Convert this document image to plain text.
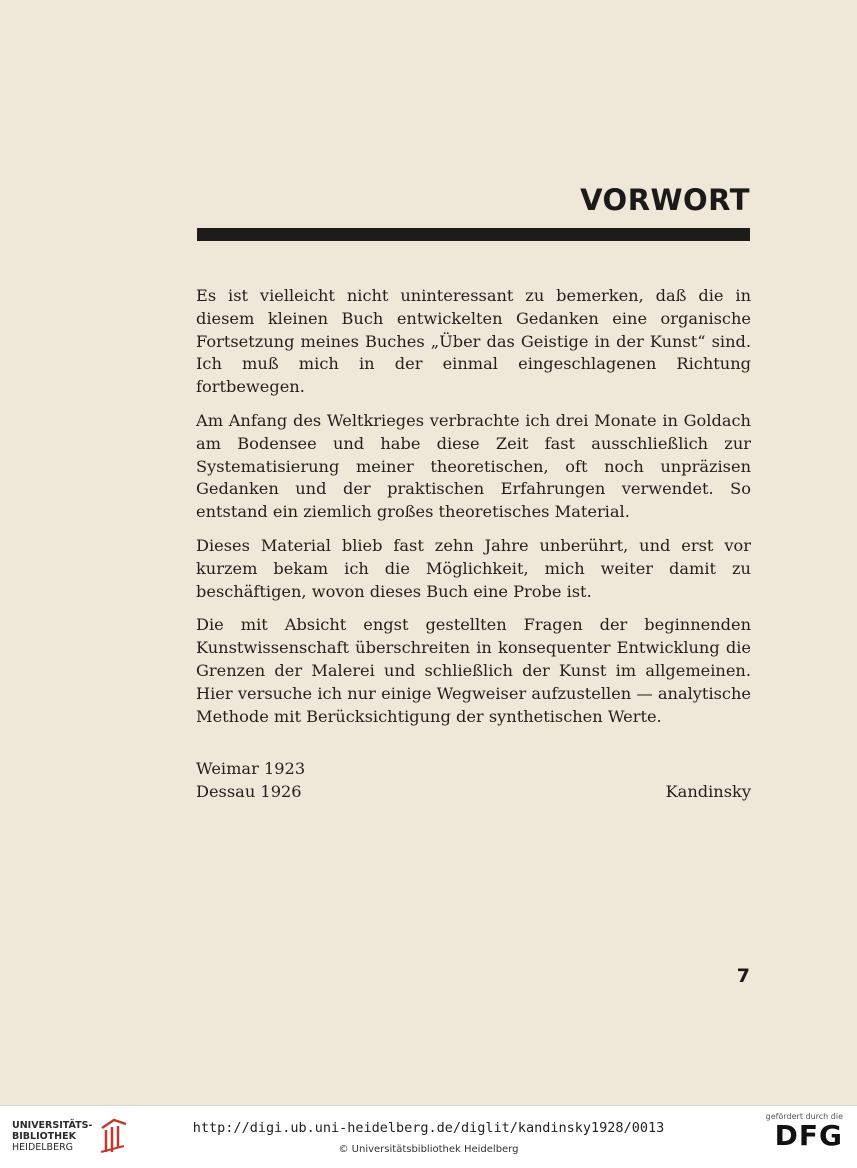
VORWORT

Es ist vielleicht nicht uninteressant zu bemerken, daß die in diesem kleinen Buch entwickelten Gedanken eine organische Fortsetzung meines Buches „Über das Geistige in der Kunst“ sind. Ich muß mich in der einmal eingeschlagenen Richtung fortbewegen.

Am Anfang des Weltkrieges verbrachte ich drei Monate in Goldach am Bodensee und habe diese Zeit fast ausschließlich zur Systematisierung meiner theoretischen, oft noch unpräzisen Gedanken und der praktischen Erfahrungen verwendet. So entstand ein ziemlich großes theoretisches Material.

Dieses Material blieb fast zehn Jahre unberührt, und erst vor kurzem bekam ich die Möglichkeit, mich weiter damit zu beschäftigen, wovon dieses Buch eine Probe ist.

Die mit Absicht engst gestellten Fragen der beginnenden Kunstwissenschaft überschreiten in konsequenter Entwicklung die Grenzen der Malerei und schließlich der Kunst im allgemeinen. Hier versuche ich nur einige Wegweiser aufzustellen — analytische Methode mit Berücksichtigung der synthetischen Werte.

Weimar 1923
Dessau 1926	Kandinsky
7
UNIVERSITÄTS-
BIBLIOTHEK
HEIDELBERG
http://digi.ub.uni-heidelberg.de/diglit/kandinsky1928/0013
© Universitätsbibliothek Heidelberg
gefördert durch die
DFG
